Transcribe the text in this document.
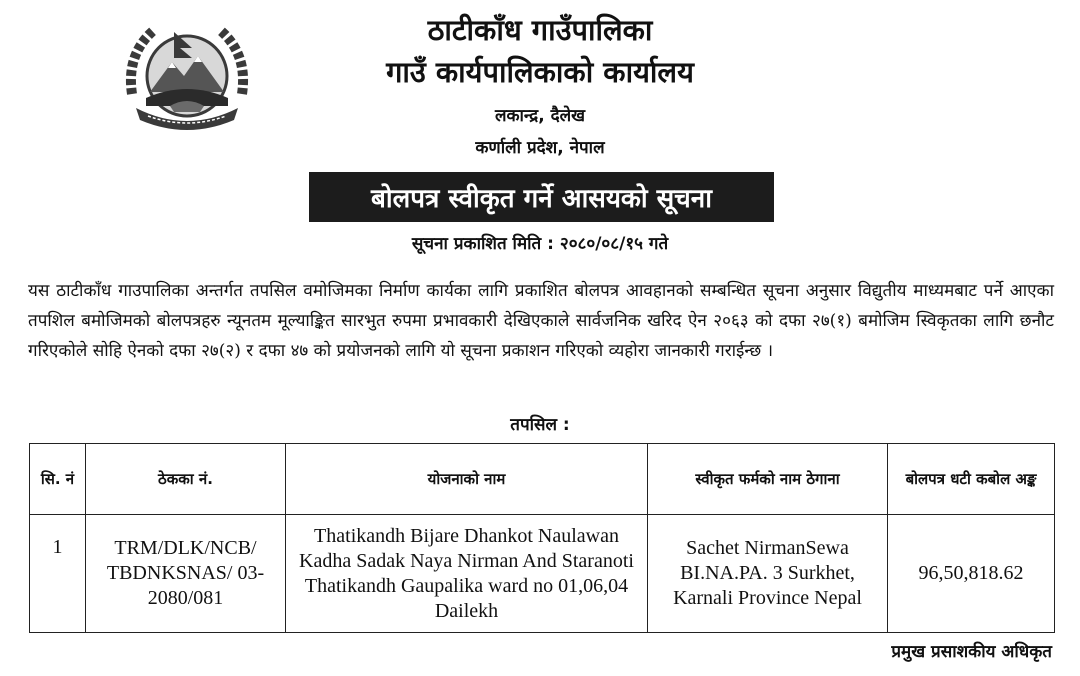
ठाटीकाँध गाउँपालिका
गाउँ कार्यपालिकाको कार्यालय
लकान्द्र, दैलेख
कर्णाली प्रदेश, नेपाल
बोलपत्र स्वीकृत गर्ने आसयको सूचना
सूचना प्रकाशित मिति : २०८०/०८/१५ गते

यस ठाटीकाँध गाउपालिका अन्तर्गत तपसिल वमोजिमका निर्माण कार्यका लागि प्रकाशित बोलपत्र आवहानको सम्बन्धित सूचना अनुसार विद्युतीय माध्यमबाट पर्ने आएका तपशिल बमोजिमको बोलपत्रहरु न्यूनतम मूल्याङ्कित सारभुत रुपमा प्रभावकारी देखिएकाले सार्वजनिक खरिद ऐन २०६३ को दफा २७(१) बमोजिम स्विकृतका लागि छनौट गरिएकोले सोहि ऐनको दफा २७(२) र दफा ४७ को प्रयोजनको लागि यो सूचना प्रकाशन गरिएको व्यहोरा जानकारी गराईन्छ ।

तपसिल :
सि. नं	ठेकका नं.	योजनाको नाम	स्वीकृत फर्मको नाम ठेगाना	बोलपत्र धटी कबोल अङ्क
1	TRM/DLK/NCB/ TBDNKSNAS/ 03-2080/081	Thatikandh Bijare Dhankot Naulawan Kadha Sadak Naya Nirman And Staranoti Thatikandh Gaupalika ward no 01,06,04 Dailekh	Sachet NirmanSewa BI.NA.PA. 3 Surkhet, Karnali Province Nepal	96,50,818.62
प्रमुख प्रसाशकीय अधिकृत
